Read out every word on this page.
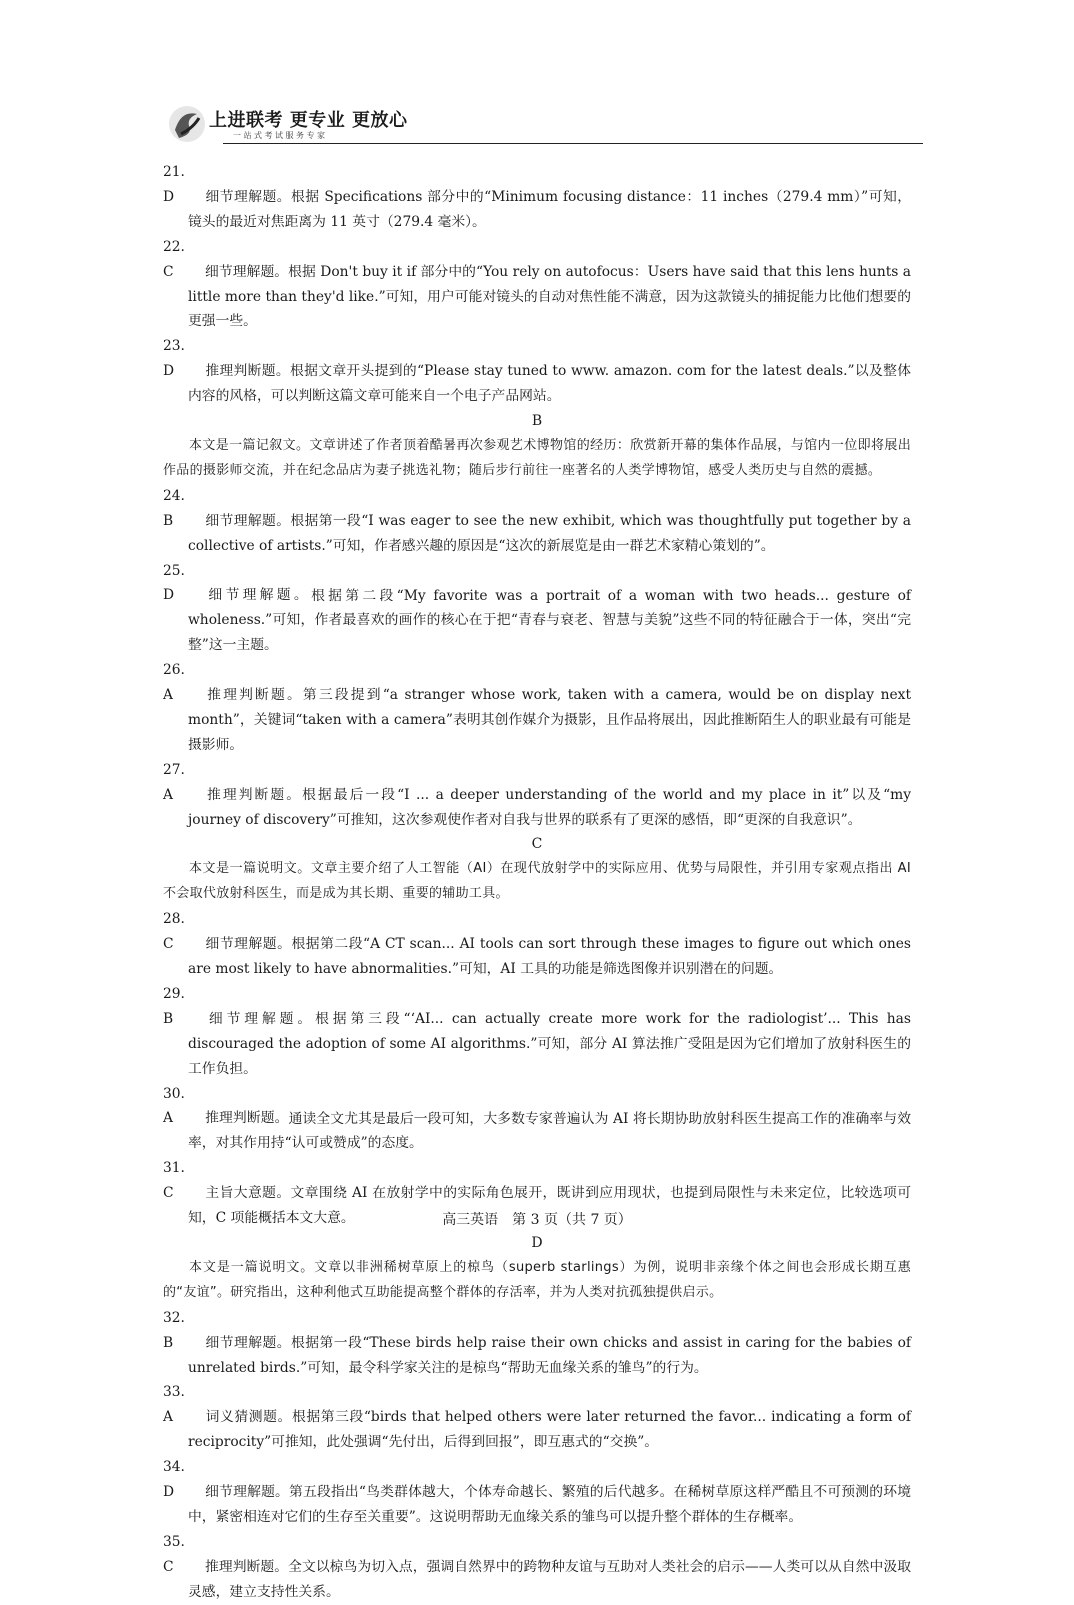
上进联考 更专业 更放心
一站式考试服务专家
21. D 细节理解题。根据 Specifications 部分中的“Minimum focusing distance：11 inches（279.4 mm）”可知，镜头的最近对焦距离为 11 英寸（279.4 毫米）。
22. C 细节理解题。根据 Don't buy it if 部分中的“You rely on autofocus：Users have said that this lens hunts a little more than they'd like.”可知，用户可能对镜头的自动对焦性能不满意，因为这款镜头的捕捉能力比他们想要的更强一些。
23. D 推理判断题。根据文章开头提到的“Please stay tuned to www. amazon. com for the latest deals.”以及整体内容的风格，可以判断这篇文章可能来自一个电子产品网站。
B
本文是一篇记叙文。文章讲述了作者顶着酷暑再次参观艺术博物馆的经历：欣赏新开幕的集体作品展，与馆内一位即将展出作品的摄影师交流，并在纪念品店为妻子挑选礼物；随后步行前往一座著名的人类学博物馆，感受人类历史与自然的震撼。
24. B 细节理解题。根据第一段“I was eager to see the new exhibit, which was thoughtfully put together by a collective of artists.”可知，作者感兴趣的原因是“这次的新展览是由一群艺术家精心策划的”。
25. D 细节理解题。根据第二段“My favorite was a portrait of a woman with two heads... gesture of wholeness.”可知，作者最喜欢的画作的核心在于把“青春与衰老、智慧与美貌”这些不同的特征融合于一体，突出“完整”这一主题。
26. A 推理判断题。第三段提到“a stranger whose work, taken with a camera, would be on display next month”，关键词“taken with a camera”表明其创作媒介为摄影，且作品将展出，因此推断陌生人的职业最有可能是摄影师。
27. A 推理判断题。根据最后一段“I ... a deeper understanding of the world and my place in it”以及“my journey of discovery”可推知，这次参观使作者对自我与世界的联系有了更深的感悟，即“更深的自我意识”。
C
本文是一篇说明文。文章主要介绍了人工智能（AI）在现代放射学中的实际应用、优势与局限性，并引用专家观点指出 AI 不会取代放射科医生，而是成为其长期、重要的辅助工具。
28. C 细节理解题。根据第二段“A CT scan... AI tools can sort through these images to figure out which ones are most likely to have abnormalities.”可知，AI 工具的功能是筛选图像并识别潜在的问题。
29. B 细节理解题。根据第三段“‘AI... can actually create more work for the radiologist’... This has discouraged the adoption of some AI algorithms.”可知，部分 AI 算法推广受阻是因为它们增加了放射科医生的工作负担。
30. A 推理判断题。通读全文尤其是最后一段可知，大多数专家普遍认为 AI 将长期协助放射科医生提高工作的准确率与效率，对其作用持“认可或赞成”的态度。
31. C 主旨大意题。文章围绕 AI 在放射学中的实际角色展开，既讲到应用现状，也提到局限性与未来定位，比较选项可知，C 项能概括本文大意。
D
本文是一篇说明文。文章以非洲稀树草原上的椋鸟（superb starlings）为例，说明非亲缘个体之间也会形成长期互惠的“友谊”。研究指出，这种利他式互助能提高整个群体的存活率，并为人类对抗孤独提供启示。
32. B 细节理解题。根据第一段“These birds help raise their own chicks and assist in caring for the babies of unrelated birds.”可知，最令科学家关注的是椋鸟“帮助无血缘关系的雏鸟”的行为。
33. A 词义猜测题。根据第三段“birds that helped others were later returned the favor... indicating a form of reciprocity”可推知，此处强调“先付出，后得到回报”，即互惠式的“交换”。
34. D 细节理解题。第五段指出“鸟类群体越大，个体寿命越长、繁殖的后代越多。在稀树草原这样严酷且不可预测的环境中，紧密相连对它们的生存至关重要”。这说明帮助无血缘关系的雏鸟可以提升整个群体的生存概率。
35. C 推理判断题。全文以椋鸟为切入点，强调自然界中的跨物种友谊与互助对人类社会的启示——人类可以从自然中汲取灵感，建立支持性关系。
高三英语　第 3 页（共 7 页）
